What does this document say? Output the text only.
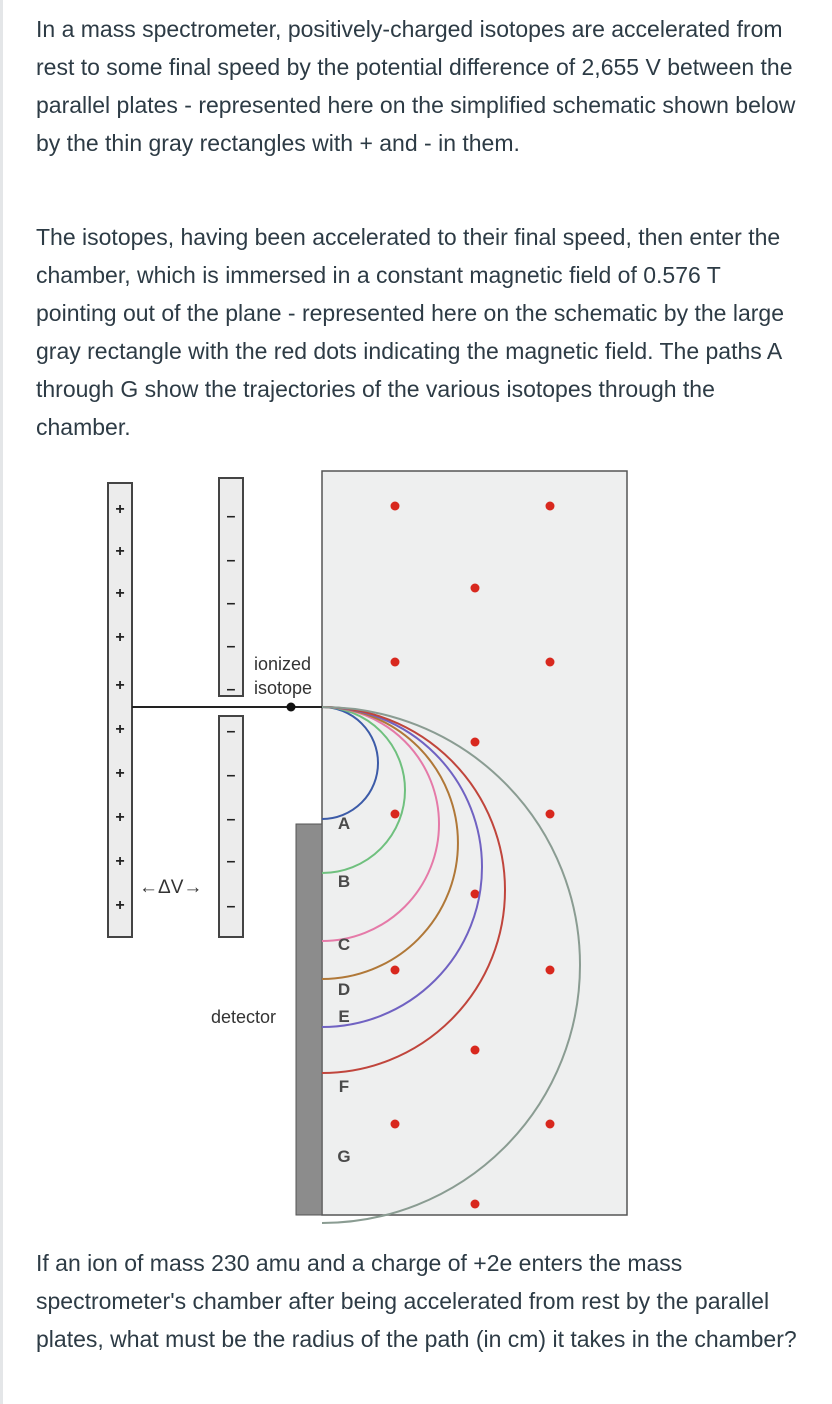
In a mass spectrometer, positively-charged isotopes are accelerated from rest to some final speed by the potential difference of 2,655 V between the parallel plates - represented here on the simplified schematic shown below by the thin gray rectangles with + and - in them.

The isotopes, having been accelerated to their final speed, then enter the chamber, which is immersed in a constant magnetic field of 0.576 T pointing out of the plane - represented here on the schematic by the large gray rectangle with the red dots indicating the magnetic field. The paths A through G show the trajectories of the various isotopes through the chamber.

+
+
+
+
+
+
+
+
+
+
–
–
–
–
–
–
–
–
–
–
ionized
isotope
←ΔV→
detector
A
B
C
D
E
F
G

If an ion of mass 230 amu and a charge of +2e enters the mass spectrometer's chamber after being accelerated from rest by the parallel plates, what must be the radius of the path (in cm) it takes in the chamber?
